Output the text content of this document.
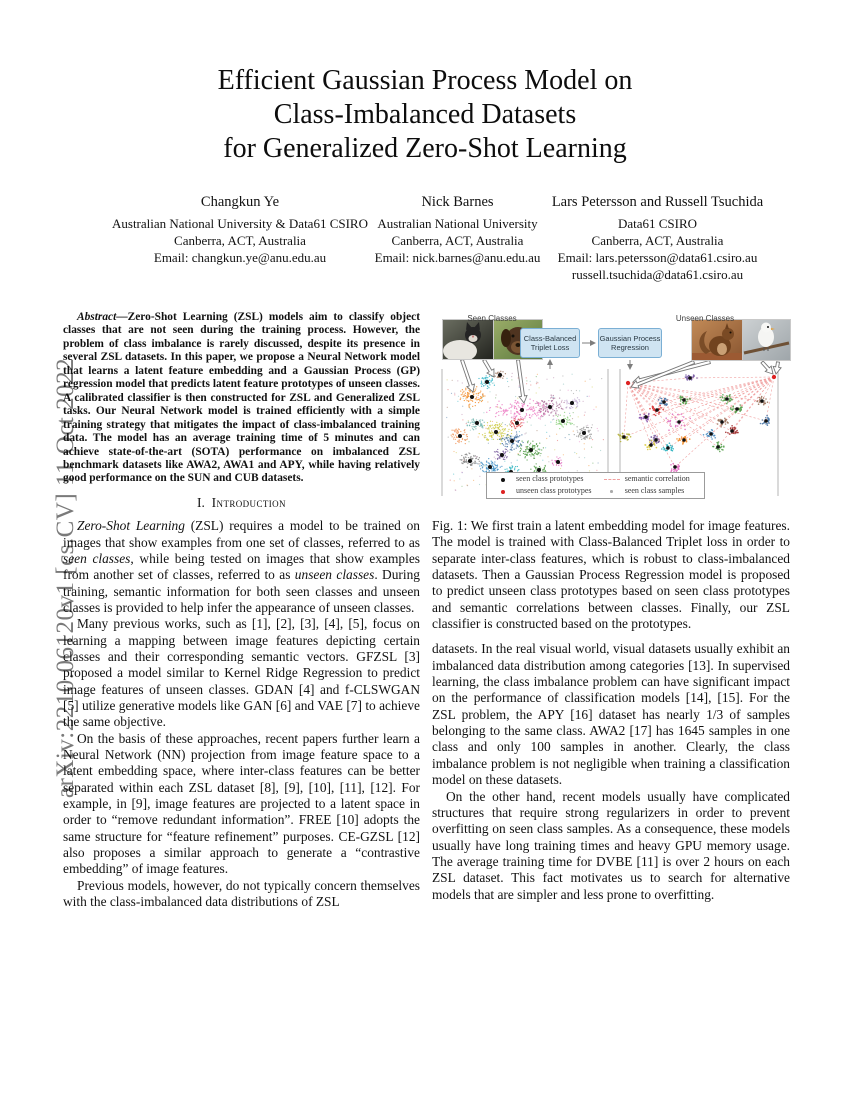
arXiv:2210.06120v1 [cs.CV] 11 Oct 2022
Efficient Gaussian Process Model on
Class-Imbalanced Datasets
for Generalized Zero-Shot Learning
Changkun Ye
Australian National University & Data61 CSIRO
Canberra, ACT, Australia
Email: changkun.ye@anu.edu.au
Nick Barnes
Australian National University
Canberra, ACT, Australia
Email: nick.barnes@anu.edu.au
Lars Petersson and Russell Tsuchida
Data61 CSIRO
Canberra, ACT, Australia
Email: lars.petersson@data61.csiro.au
russell.tsuchida@data61.csiro.au

Abstract—Zero-Shot Learning (ZSL) models aim to classify object classes that are not seen during the training process. However, the problem of class imbalance is rarely discussed, despite its presence in several ZSL datasets. In this paper, we propose a Neural Network model that learns a latent feature embedding and a Gaussian Process (GP) regression model that predicts latent feature prototypes of unseen classes. A calibrated classifier is then constructed for ZSL and Generalized ZSL tasks. Our Neural Network model is trained efficiently with a simple training strategy that mitigates the impact of class-imbalanced training data. The model has an average training time of 5 minutes and can achieve state-of-the-art (SOTA) performance on imbalanced ZSL benchmark datasets like AWA2, AWA1 and APY, while having relatively good performance on the SUN and CUB datasets.

I. Introduction

Zero-Shot Learning (ZSL) requires a model to be trained on images that show examples from one set of classes, referred to as seen classes, while being tested on images that show examples from another set of classes, referred to as unseen classes. During training, semantic information for both seen classes and unseen classes is provided to help infer the appearance of unseen classes.

Many previous works, such as [1], [2], [3], [4], [5], focus on learning a mapping between image features depicting certain classes and their corresponding semantic vectors. GFZSL [3] proposed a model similar to Kernel Ridge Regression to predict image features of unseen classes. GDAN [4] and f-CLSWGAN [5] utilize generative models like GAN [6] and VAE [7] to achieve the same objective.

On the basis of these approaches, recent papers further learn a Neural Network (NN) projection from image feature space to a latent embedding space, where inter-class features can be better separated within each ZSL dataset [8], [9], [10], [11], [12]. For example, in [9], image features are projected to a latent space in order to “remove redundant information”. FREE [10] adopts the same structure for “feature refinement” purposes. CE-GZSL [12] also proposes a similar approach to generate a “contrastive embedding” of image features.

Previous models, however, do not typically concern themselves with the class-imbalanced data distributions of ZSL

Seen Classes	Unseen Classes
Class-Balanced
Triplet Loss
Gaussian Process
Regression
seen class prototypes
unseen class prototypes
semantic correlation
seen class samples

Fig. 1: We first train a latent embedding model for image features. The model is trained with Class-Balanced Triplet loss in order to separate inter-class features, which is robust to class-imbalanced datasets. Then a Gaussian Process Regression model is proposed to predict unseen class prototypes based on seen class prototypes and semantic correlations between classes. Finally, our ZSL classifier is constructed based on the prototypes.

datasets. In the real visual world, visual datasets usually exhibit an imbalanced data distribution among categories [13]. In supervised learning, the class imbalance problem can have significant impact on the performance of classification models [14], [15]. For the ZSL problem, the APY [16] dataset has nearly 1/3 of samples belonging to the same class. AWA2 [17] has 1645 samples in one class and only 100 samples in another. Clearly, the class imbalance problem is not negligible when training a classification model on these datasets.

On the other hand, recent models usually have complicated structures that require strong regularizers in order to prevent overfitting on seen class samples. As a consequence, these models usually have long training times and heavy GPU memory usage. The average training time for DVBE [11] is over 2 hours on each ZSL dataset. This fact motivates us to search for alternative models that are simpler and less prone to overfitting.
